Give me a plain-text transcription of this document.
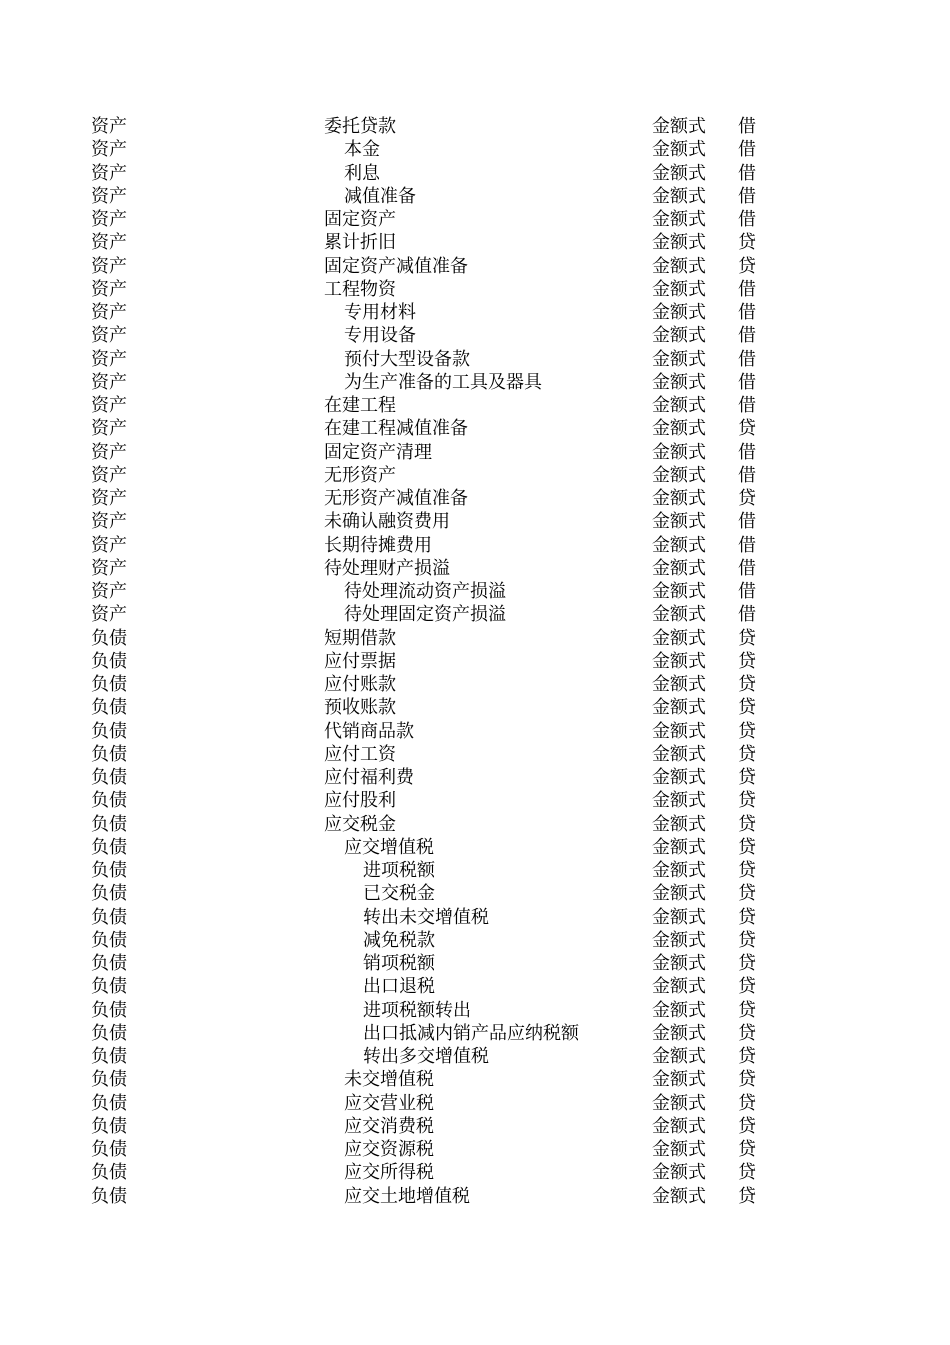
资产	委托贷款	金额式 借
资产	本金	金额式 借
资产	利息	金额式 借
资产	减值准备	金额式 借
资产	固定资产	金额式 借
资产	累计折旧	金额式 贷
资产	固定资产减值准备	金额式 贷
资产	工程物资	金额式 借
资产	专用材料	金额式 借
资产	专用设备	金额式 借
资产	预付大型设备款	金额式 借
资产	为生产准备的工具及器具	金额式 借
资产	在建工程	金额式 借
资产	在建工程减值准备	金额式 贷
资产	固定资产清理	金额式 借
资产	无形资产	金额式 借
资产	无形资产减值准备	金额式 贷
资产	未确认融资费用	金额式 借
资产	长期待摊费用	金额式 借
资产	待处理财产损溢	金额式 借
资产	待处理流动资产损溢	金额式 借
资产	待处理固定资产损溢	金额式 借
负债	短期借款	金额式 贷
负债	应付票据	金额式 贷
负债	应付账款	金额式 贷
负债	预收账款	金额式 贷
负债	代销商品款	金额式 贷
负债	应付工资	金额式 贷
负债	应付福利费	金额式 贷
负债	应付股利	金额式 贷
负债	应交税金	金额式 贷
负债	应交增值税	金额式 贷
负债	进项税额	金额式 贷
负债	已交税金	金额式 贷
负债	转出未交增值税	金额式 贷
负债	减免税款	金额式 贷
负债	销项税额	金额式 贷
负债	出口退税	金额式 贷
负债	进项税额转出	金额式 贷
负债	出口抵减内销产品应纳税额	金额式 贷
负债	转出多交增值税	金额式 贷
负债	未交增值税	金额式 贷
负债	应交营业税	金额式 贷
负债	应交消费税	金额式 贷
负债	应交资源税	金额式 贷
负债	应交所得税	金额式 贷
负债	应交土地增值税	金额式 贷
